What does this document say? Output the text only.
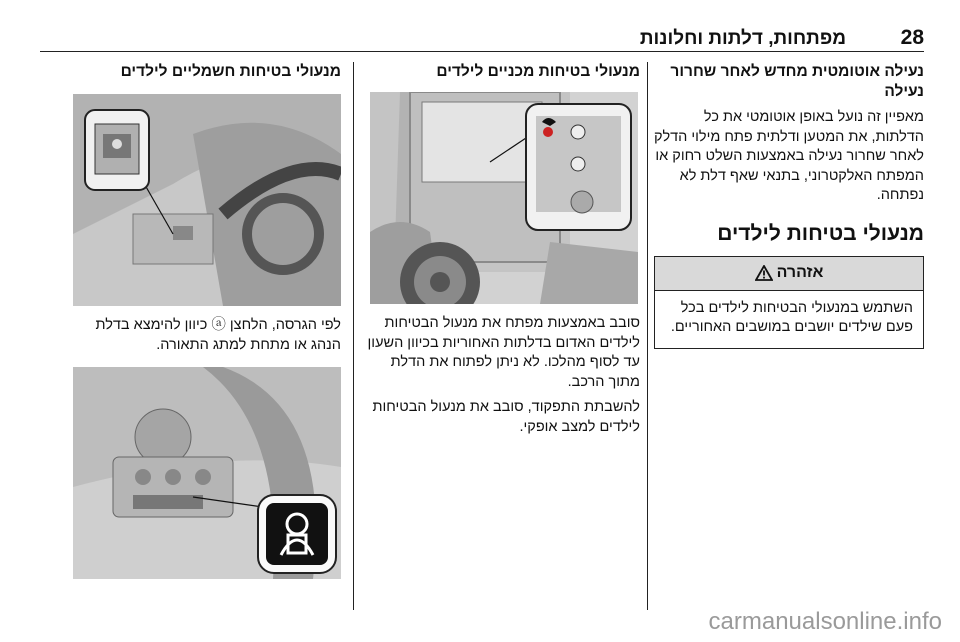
28
מפתחות, דלתות וחלונות
נעילה אוטומטית מחדש לאחר שחרור נעילה
מאפיין זה נועל באופן אוטומטי את כל הדלתות, את המטען ודלתית פתח מילוי הדלק לאחר שחרור נעילה באמצעות השלט רחוק או המפתח האלקטרוני, בתנאי שאף דלת לא נפתחה.
מנעולי בטיחות לילדים
אזהרה
השתמש במנעולי הבטיחות לילדים בכל פעם שילדים יושבים במושבים האחוריים.
מנעולי בטיחות מכניים לילדים
סובב באמצעות מפתח את מנעול הבטיחות לילדים האדום בדלתות האחוריות בכיוון השעון עד לסוף מהלכו. לא ניתן לפתוח את הדלת מתוך הרכב.
להשבתת התפקוד, סובב את מנעול הבטיחות לילדים למצב אופקי.
מנעולי בטיחות חשמליים לילדים
לפי הגרסה, הלחצן ⓐ כיוון להימצא בדלת הנהג או מתחת למתג התאורה.
carmanualsonline.info
